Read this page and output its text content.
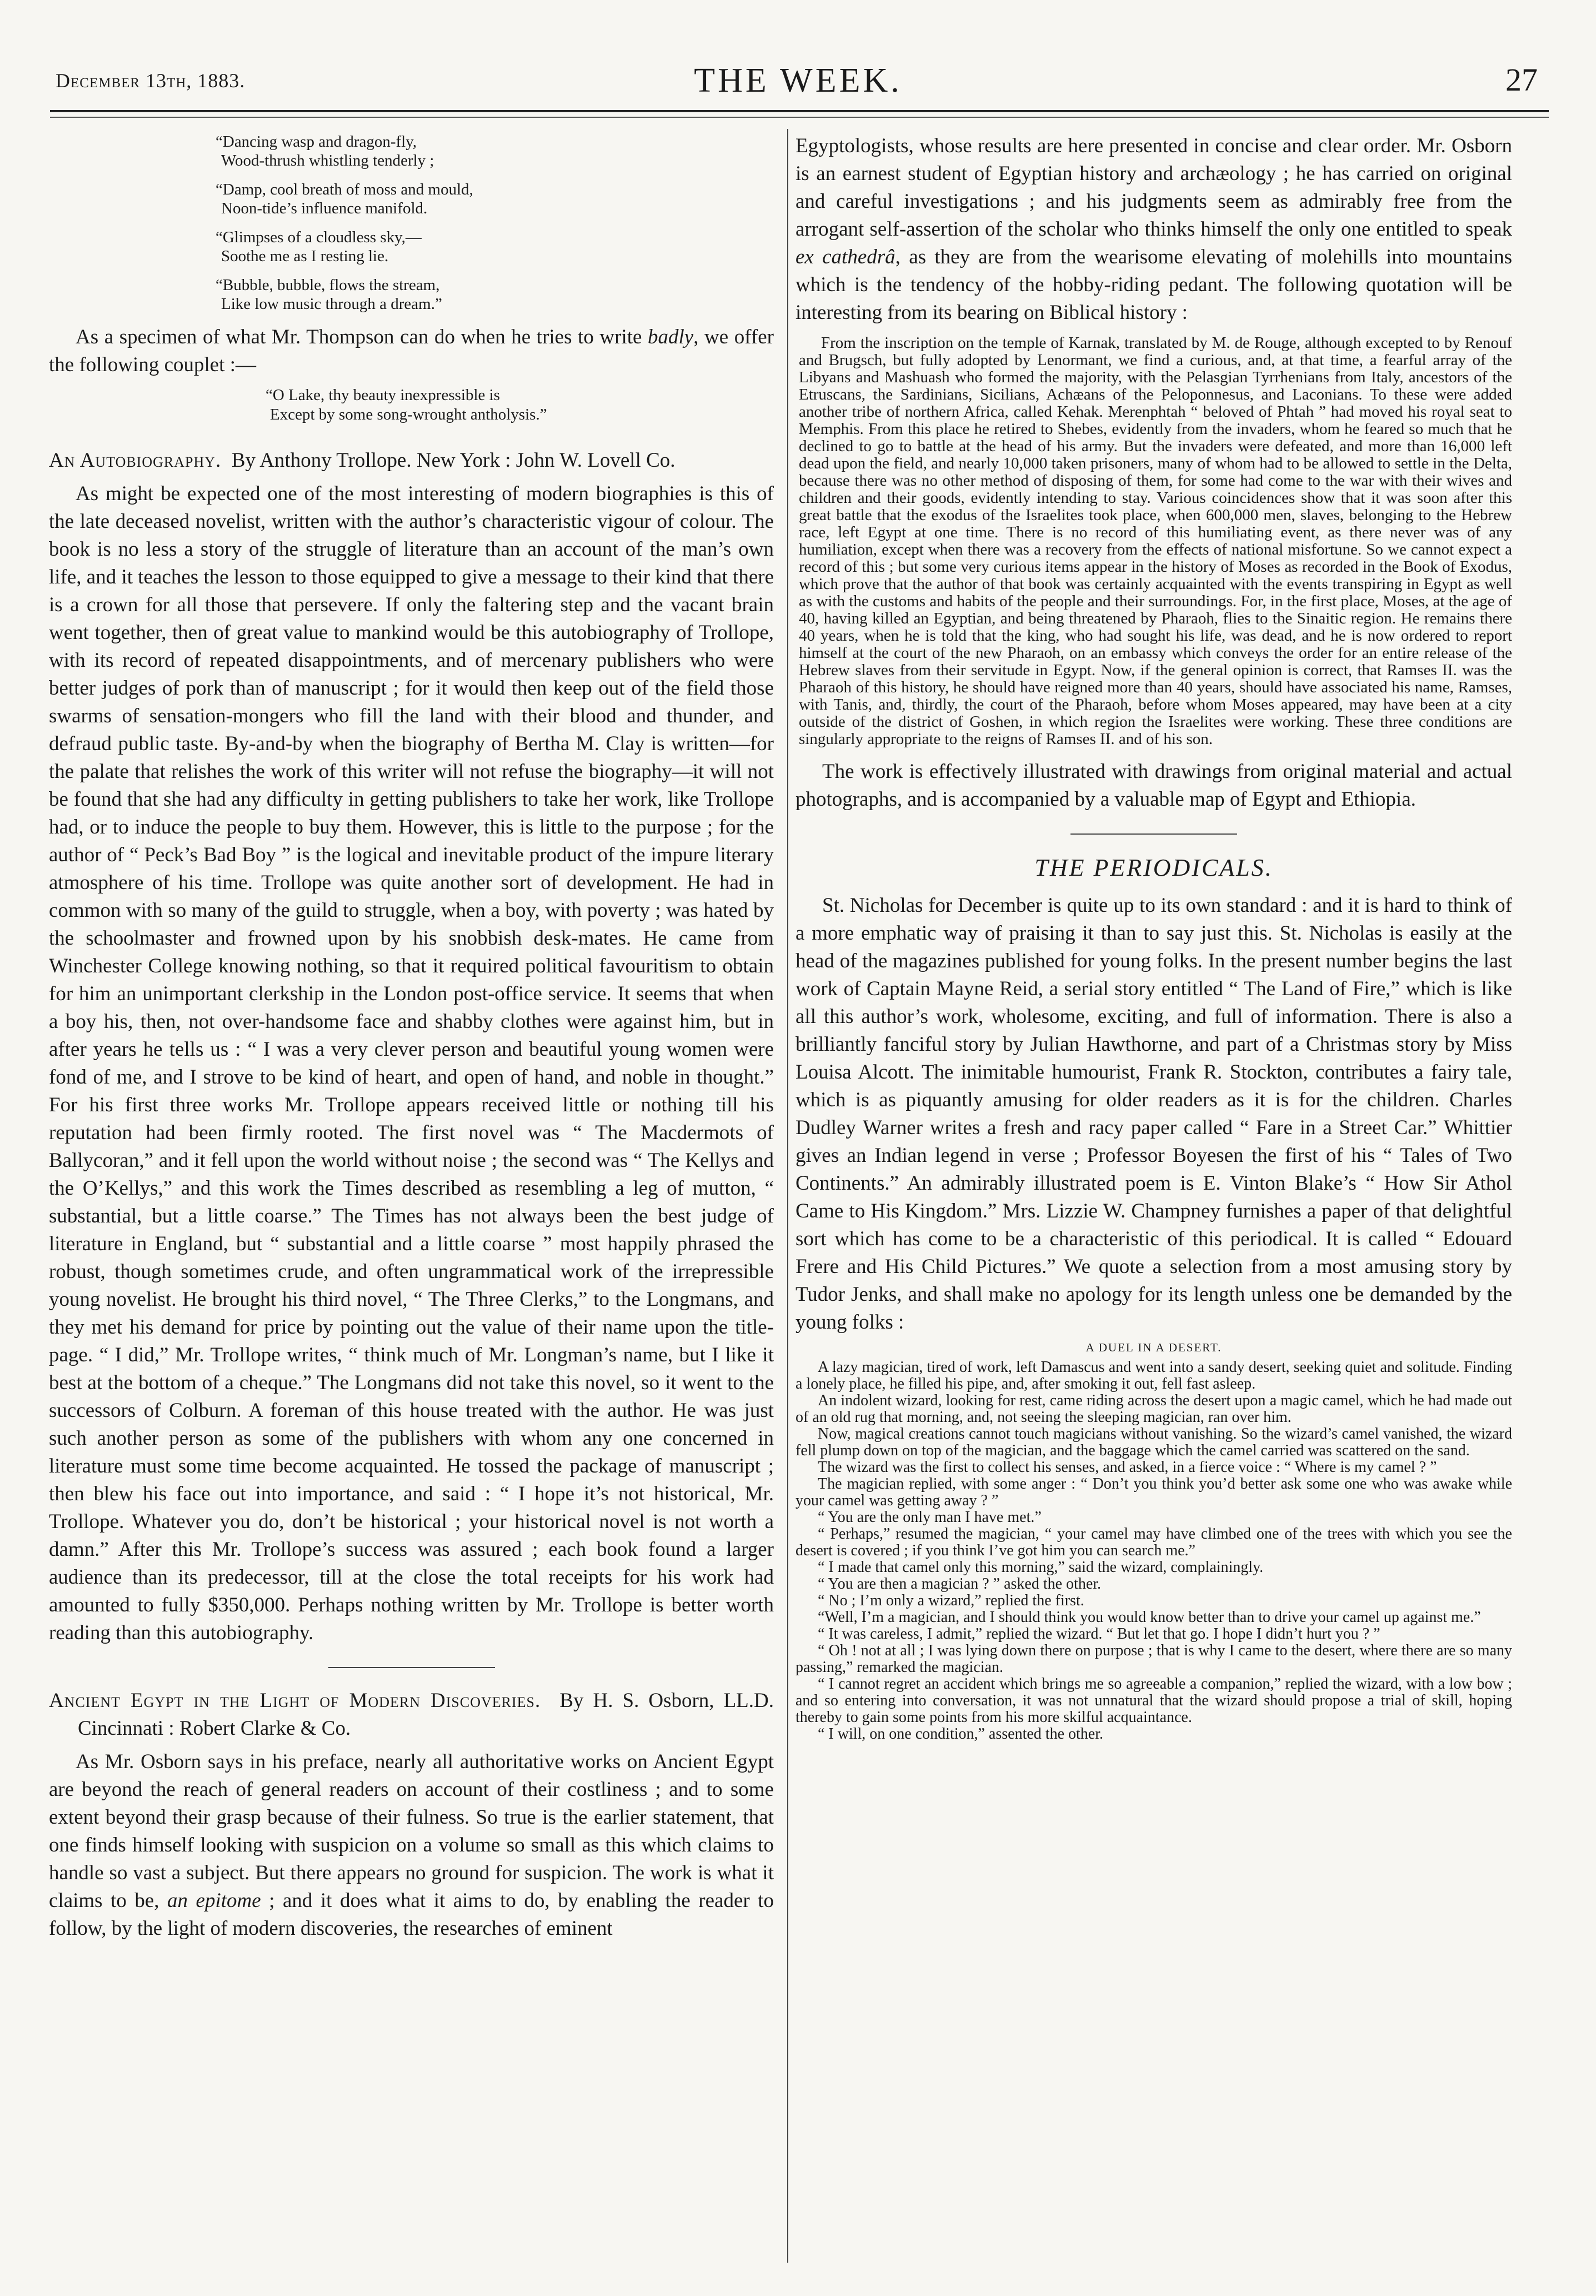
December 13th, 1883.	THE WEEK.	27
“Dancing wasp and dragon-fly,
Wood-thrush whistling tenderly ;
“Damp, cool breath of moss and mould,
Noon-tide’s influence manifold.
“Glimpses of a cloudless sky,—
Soothe me as I resting lie.
“Bubble, bubble, flows the stream,
Like low music through a dream.”

As a specimen of what Mr. Thompson can do when he tries to write badly, we offer the following couplet :—

“O Lake, thy beauty inexpressible is
Except by some song-wrought antholysis.”

An Autobiography. By Anthony Trollope. New York : John W. Lovell Co.

As might be expected one of the most interesting of modern biographies is this of the late deceased novelist, written with the author’s characteristic vigour of colour. The book is no less a story of the struggle of literature than an account of the man’s own life, and it teaches the lesson to those equipped to give a message to their kind that there is a crown for all those that persevere. If only the faltering step and the vacant brain went together, then of great value to mankind would be this autobiography of Trollope, with its record of repeated disappointments, and of mercenary publishers who were better judges of pork than of manuscript ; for it would then keep out of the field those swarms of sensation-mongers who fill the land with their blood and thunder, and defraud public taste. By-and-by when the biography of Bertha M. Clay is written—for the palate that relishes the work of this writer will not refuse the biography—it will not be found that she had any difficulty in getting publishers to take her work, like Trollope had, or to induce the people to buy them. However, this is little to the purpose ; for the author of “ Peck’s Bad Boy ” is the logical and inevitable product of the impure literary atmosphere of his time. Trollope was quite another sort of development. He had in common with so many of the guild to struggle, when a boy, with poverty ; was hated by the schoolmaster and frowned upon by his snobbish desk-mates. He came from Winchester College knowing nothing, so that it required political favouritism to obtain for him an unimportant clerkship in the London post-office service. It seems that when a boy his, then, not over-handsome face and shabby clothes were against him, but in after years he tells us : “ I was a very clever person and beautiful young women were fond of me, and I strove to be kind of heart, and open of hand, and noble in thought.” For his first three works Mr. Trollope appears received little or nothing till his reputation had been firmly rooted. The first novel was “ The Macdermots of Ballycoran,” and it fell upon the world without noise ; the second was “ The Kellys and the O’Kellys,” and this work the Times described as resembling a leg of mutton, “ substantial, but a little coarse.” The Times has not always been the best judge of literature in England, but “ substantial and a little coarse ” most happily phrased the robust, though sometimes crude, and often ungrammatical work of the irrepressible young novelist. He brought his third novel, “ The Three Clerks,” to the Longmans, and they met his demand for price by pointing out the value of their name upon the title-page. “ I did,” Mr. Trollope writes, “ think much of Mr. Longman’s name, but I like it best at the bottom of a cheque.” The Longmans did not take this novel, so it went to the successors of Colburn. A foreman of this house treated with the author. He was just such another person as some of the publishers with whom any one concerned in literature must some time become acquainted. He tossed the package of manuscript ; then blew his face out into importance, and said : “ I hope it’s not historical, Mr. Trollope. Whatever you do, don’t be historical ; your historical novel is not worth a damn.” After this Mr. Trollope’s success was assured ; each book found a larger audience than its predecessor, till at the close the total receipts for his work had amounted to fully $350,000. Perhaps nothing written by Mr. Trollope is better worth reading than this autobiography.

Ancient Egypt in the Light of Modern Discoveries. By H. S. Osborn, LL.D. Cincinnati : Robert Clarke & Co.

As Mr. Osborn says in his preface, nearly all authoritative works on Ancient Egypt are beyond the reach of general readers on account of their costliness ; and to some extent beyond their grasp because of their fulness. So true is the earlier statement, that one finds himself looking with suspicion on a volume so small as this which claims to handle so vast a subject. But there appears no ground for suspicion. The work is what it claims to be, an epitome ; and it does what it aims to do, by enabling the reader to follow, by the light of modern discoveries, the researches of eminent

Egyptologists, whose results are here presented in concise and clear order. Mr. Osborn is an earnest student of Egyptian history and archæology ; he has carried on original and careful investigations ; and his judgments seem as admirably free from the arrogant self-assertion of the scholar who thinks himself the only one entitled to speak ex cathedrâ, as they are from the wearisome elevating of molehills into mountains which is the tendency of the hobby-riding pedant. The following quotation will be interesting from its bearing on Biblical history :

From the inscription on the temple of Karnak, translated by M. de Rouge, although excepted to by Renouf and Brugsch, but fully adopted by Lenormant, we find a curious, and, at that time, a fearful array of the Libyans and Mashuash who formed the majority, with the Pelasgian Tyrrhenians from Italy, ancestors of the Etruscans, the Sardinians, Sicilians, Achæans of the Peloponnesus, and Laconians. To these were added another tribe of northern Africa, called Kehak. Merenphtah “ beloved of Phtah ” had moved his royal seat to Memphis. From this place he retired to Shebes, evidently from the invaders, whom he feared so much that he declined to go to battle at the head of his army. But the invaders were defeated, and more than 16,000 left dead upon the field, and nearly 10,000 taken prisoners, many of whom had to be allowed to settle in the Delta, because there was no other method of disposing of them, for some had come to the war with their wives and children and their goods, evidently intending to stay. Various coincidences show that it was soon after this great battle that the exodus of the Israelites took place, when 600,000 men, slaves, belonging to the Hebrew race, left Egypt at one time. There is no record of this humiliating event, as there never was of any humiliation, except when there was a recovery from the effects of national misfortune. So we cannot expect a record of this ; but some very curious items appear in the history of Moses as recorded in the Book of Exodus, which prove that the author of that book was certainly acquainted with the events transpiring in Egypt as well as with the customs and habits of the people and their surroundings. For, in the first place, Moses, at the age of 40, having killed an Egyptian, and being threatened by Pharaoh, flies to the Sinaitic region. He remains there 40 years, when he is told that the king, who had sought his life, was dead, and he is now ordered to report himself at the court of the new Pharaoh, on an embassy which conveys the order for an entire release of the Hebrew slaves from their servitude in Egypt. Now, if the general opinion is correct, that Ramses II. was the Pharaoh of this history, he should have reigned more than 40 years, should have associated his name, Ramses, with Tanis, and, thirdly, the court of the Pharaoh, before whom Moses appeared, may have been at a city outside of the district of Goshen, in which region the Israelites were working. These three conditions are singularly appropriate to the reigns of Ramses II. and of his son.

The work is effectively illustrated with drawings from original material and actual photographs, and is accompanied by a valuable map of Egypt and Ethiopia.

THE PERIODICALS.

St. Nicholas for December is quite up to its own standard : and it is hard to think of a more emphatic way of praising it than to say just this. St. Nicholas is easily at the head of the magazines published for young folks. In the present number begins the last work of Captain Mayne Reid, a serial story entitled “ The Land of Fire,” which is like all this author’s work, wholesome, exciting, and full of information. There is also a brilliantly fanciful story by Julian Hawthorne, and part of a Christmas story by Miss Louisa Alcott. The inimitable humourist, Frank R. Stockton, contributes a fairy tale, which is as piquantly amusing for older readers as it is for the children. Charles Dudley Warner writes a fresh and racy paper called “ Fare in a Street Car.” Whittier gives an Indian legend in verse ; Professor Boyesen the first of his “ Tales of Two Continents.” An admirably illustrated poem is E. Vinton Blake’s “ How Sir Athol Came to His Kingdom.” Mrs. Lizzie W. Champney furnishes a paper of that delightful sort which has come to be a characteristic of this periodical. It is called “ Edouard Frere and His Child Pictures.” We quote a selection from a most amusing story by Tudor Jenks, and shall make no apology for its length unless one be demanded by the young folks :

A DUEL IN A DESERT.

A lazy magician, tired of work, left Damascus and went into a sandy desert, seeking quiet and solitude. Finding a lonely place, he filled his pipe, and, after smoking it out, fell fast asleep.

An indolent wizard, looking for rest, came riding across the desert upon a magic camel, which he had made out of an old rug that morning, and, not seeing the sleeping magician, ran over him.

Now, magical creations cannot touch magicians without vanishing. So the wizard’s camel vanished, the wizard fell plump down on top of the magician, and the baggage which the camel carried was scattered on the sand.

The wizard was the first to collect his senses, and asked, in a fierce voice : “ Where is my camel ? ”

The magician replied, with some anger : “ Don’t you think you’d better ask some one who was awake while your camel was getting away ? ”

“ You are the only man I have met.”

“ Perhaps,” resumed the magician, “ your camel may have climbed one of the trees with which you see the desert is covered ; if you think I’ve got him you can search me.”

“ I made that camel only this morning,” said the wizard, complainingly.

“ You are then a magician ? ” asked the other.

“ No ; I’m only a wizard,” replied the first.

“Well, I’m a magician, and I should think you would know better than to drive your camel up against me.”

“ It was careless, I admit,” replied the wizard. “ But let that go. I hope I didn’t hurt you ? ”

“ Oh ! not at all ; I was lying down there on purpose ; that is why I came to the desert, where there are so many passing,” remarked the magician.

“ I cannot regret an accident which brings me so agreeable a companion,” replied the wizard, with a low bow ; and so entering into conversation, it was not unnatural that the wizard should propose a trial of skill, hoping thereby to gain some points from his more skilful acquaintance.

“ I will, on one condition,” assented the other.
